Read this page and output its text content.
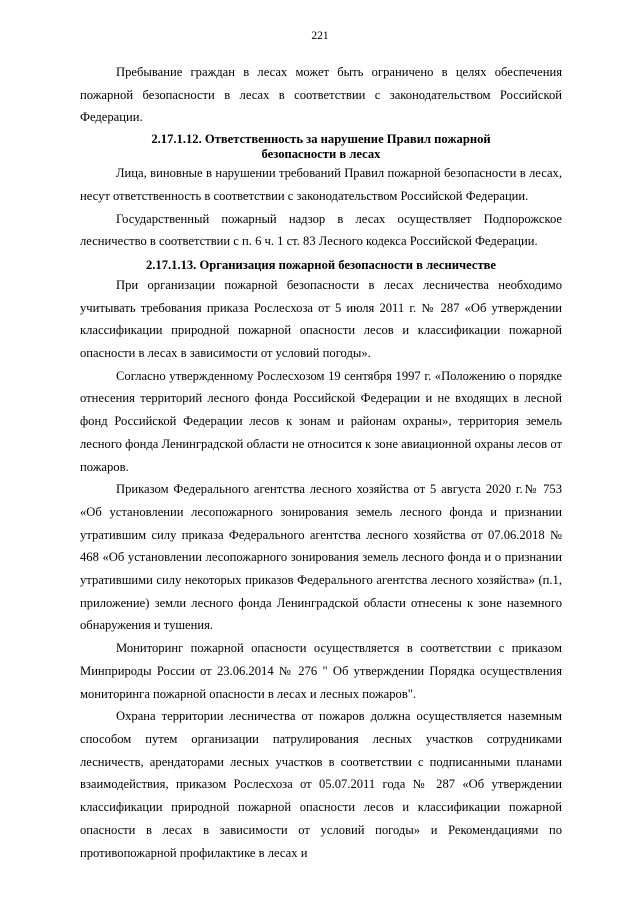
221

Пребывание граждан в лесах может быть ограничено в целях обеспечения пожарной безопасности в лесах в соответствии с законодательством Российской Федерации.

2.17.1.12. Ответственность за нарушение Правил пожарной
безопасности в лесах

Лица, виновные в нарушении требований Правил пожарной безопасности в лесах, несут ответственность в соответствии с законодательством Российской Федерации.

Государственный пожарный надзор в лесах осуществляет Подпорожское лесничество в соответствии с п. 6 ч. 1 ст. 83 Лесного кодекса Российской Федерации.

2.17.1.13. Организация пожарной безопасности в лесничестве

При организации пожарной безопасности в лесах лесничества необходимо учитывать требования приказа Рослесхоза от 5 июля 2011 г. № 287 «Об утверждении классификации природной пожарной опасности лесов и классификации пожарной опасности в лесах в зависимости от условий погоды».

Согласно утвержденному Рослесхозом 19 сентября 1997 г. «Положению о порядке отнесения территорий лесного фонда Российской Федерации и не входящих в лесной фонд Российской Федерации лесов к зонам и районам охраны», территория земель лесного фонда Ленинградской области не относится к зоне авиационной охраны лесов от пожаров.

Приказом Федерального агентства лесного хозяйства от 5 августа 2020 г.№ 753 «Об установлении лесопожарного зонирования земель лесного фонда и признании утратившим силу приказа Федерального агентства лесного хозяйства от 07.06.2018 № 468 «Об установлении лесопожарного зонирования земель лесного фонда и о признании утратившими силу некоторых приказов Федерального агентства лесного хозяйства» (п.1, приложение) земли лесного фонда Ленинградской области отнесены к зоне наземного обнаружения и тушения.

Мониторинг пожарной опасности осуществляется в соответствии с приказом Минприроды России от 23.06.2014 № 276 " Об утверждении Порядка осуществления мониторинга пожарной опасности в лесах и лесных пожаров".

Охрана территории лесничества от пожаров должна осуществляется наземным способом путем организации патрулирования лесных участков сотрудниками лесничеств, арендаторами лесных участков в соответствии с подписанными планами взаимодействия, приказом Рослесхоза от 05.07.2011 года № 287 «Об утверждении классификации природной пожарной опасности лесов и классификации пожарной опасности в лесах в зависимости от условий погоды» и Рекомендациями по противопожарной профилактике в лесах и
